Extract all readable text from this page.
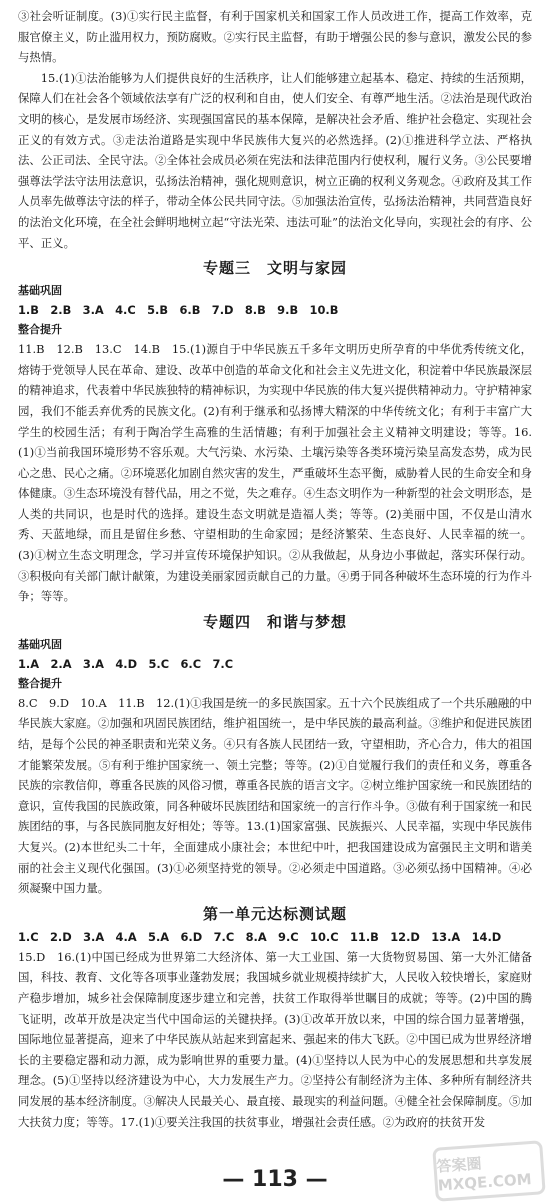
③社会听证制度。(3)①实行民主监督，有利于国家机关和国家工作人员改进工作，提高工作效率，克服官僚主义，防止滥用权力，预防腐败。②实行民主监督，有助于增强公民的参与意识，激发公民的参与热情。

15.(1)①法治能够为人们提供良好的生活秩序，让人们能够建立起基本、稳定、持续的生活预期，保障人们在社会各个领域依法享有广泛的权利和自由，使人们安全、有尊严地生活。②法治是现代政治文明的核心，是发展市场经济、实现强国富民的基本保障，是解决社会矛盾、维护社会稳定、实现社会正义的有效方式。③走法治道路是实现中华民族伟大复兴的必然选择。(2)①推进科学立法、严格执法、公正司法、全民守法。②全体社会成员必须在宪法和法律范围内行使权利，履行义务。③公民要增强尊法学法守法用法意识，弘扬法治精神，强化规则意识，树立正确的权利义务观念。④政府及其工作人员率先做尊法守法的样子，带动全体公民共同守法。⑤加强法治宣传，弘扬法治精神，共同营造良好的法治文化环境，在全社会鲜明地树立起“守法光荣、违法可耻”的法治文化导向，实现社会的有序、公平、正义。

专题三　文明与家园
基础巩固
1.B　2.B　3.A　4.C　5.B　6.B　7.D　8.B　9.B　10.B
整合提升

11.B　12.B　13.C　14.B　15.(1)源自于中华民族五千多年文明历史所孕育的中华优秀传统文化，熔铸于党领导人民在革命、建设、改革中创造的革命文化和社会主义先进文化，积淀着中华民族最深层的精神追求，代表着中华民族独特的精神标识，为实现中华民族的伟大复兴提供精神动力。守护精神家园，我们不能丢弃优秀的民族文化。(2)有利于继承和弘扬博大精深的中华传统文化；有利于丰富广大学生的校园生活；有利于陶冶学生高雅的生活情趣；有利于加强社会主义精神文明建设；等等。16.(1)①当前我国环境形势不容乐观。大气污染、水污染、土壤污染等各类环境污染呈高发态势，成为民心之患、民心之痛。②环境恶化加剧自然灾害的发生，严重破坏生态平衡，威胁着人民的生命安全和身体健康。③生态环境没有替代品，用之不觉，失之难存。④生态文明作为一种新型的社会文明形态，是人类的共同识，也是时代的选择。建设生态文明就是造福人类；等等。(2)美丽中国，不仅是山清水秀、天蓝地绿，而且是留住乡愁、守望相助的生命家园；是经济繁荣、生态良好、人民幸福的统一。(3)①树立生态文明理念，学习并宣传环境保护知识。②从我做起，从身边小事做起，落实环保行动。③积极向有关部门献计献策，为建设美丽家园贡献自己的力量。④勇于同各种破坏生态环境的行为作斗争；等等。

专题四　和谐与梦想
基础巩固
1.A　2.A　3.A　4.D　5.C　6.C　7.C
整合提升

8.C　9.D　10.A　11.B　12.(1)①我国是统一的多民族国家。五十六个民族组成了一个共乐融融的中华民族大家庭。②加强和巩固民族团结，维护祖国统一，是中华民族的最高利益。③维护和促进民族团结，是每个公民的神圣职责和光荣义务。④只有各族人民团结一致，守望相助，齐心合力，伟大的祖国才能繁荣发展。⑤有利于维护国家统一、领土完整；等等。(2)①自觉履行我们的责任和义务，尊重各民族的宗教信仰，尊重各民族的风俗习惯，尊重各民族的语言文字。②树立维护国家统一和民族团结的意识，宣传我国的民族政策，同各种破坏民族团结和国家统一的言行作斗争。③做有利于国家统一和民族团结的事，与各民族同胞友好相处；等等。13.(1)国家富强、民族振兴、人民幸福，实现中华民族伟大复兴。(2)本世纪头二十年，全面建成小康社会；本世纪中叶，把我国建设成为富强民主文明和谐美丽的社会主义现代化强国。(3)①必须坚持党的领导。②必须走中国道路。③必须弘扬中国精神。④必须凝聚中国力量。

第一单元达标测试题
1.C　2.D　3.A　4.A　5.A　6.D　7.C　8.A　9.C　10.C　11.B　12.D　13.A　14.D

15.D　16.(1)中国已经成为世界第二大经济体、第一大工业国、第一大货物贸易国、第一大外汇储备国，科技、教育、文化等各项事业蓬勃发展；我国城乡就业规模持续扩大，人民收入较快增长，家庭财产稳步增加，城乡社会保障制度逐步建立和完善，扶贫工作取得举世瞩目的成就；等等。(2)中国的腾飞证明，改革开放是决定当代中国命运的关键抉择。(3)①改革开放以来，中国的综合国力显著增强，国际地位显著提高，迎来了中华民族从站起来到富起来、强起来的伟大飞跃。②中国已成为世界经济增长的主要稳定器和动力源，成为影响世界的重要力量。(4)①坚持以人民为中心的发展思想和共享发展理念。(5)①坚持以经济建设为中心，大力发展生产力。②坚持公有制经济为主体、多种所有制经济共同发展的基本经济制度。③解决人民最关心、最直接、最现实的利益问题。④健全社会保障制度。⑤加大扶贫力度；等等。17.(1)①要关注我国的扶贫事业，增强社会责任感。②为政府的扶贫开发

— 113 —
答案圈 MXQE.COM
